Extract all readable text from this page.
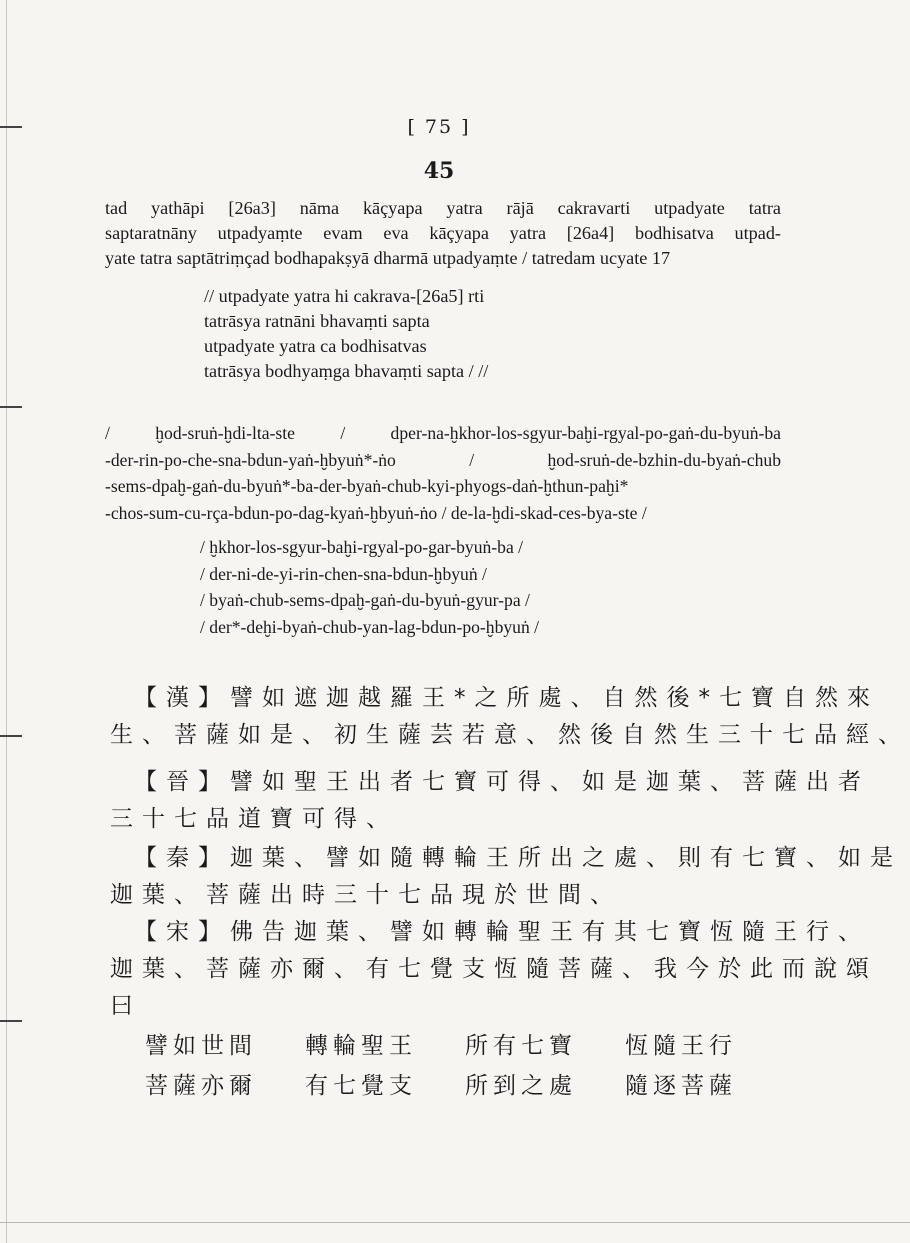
[ 75 ]
45
tad yathāpi [26a3] nāma kāçyapa yatra rājā cakravarti utpadyate tatra
saptaratnāny utpadyaṃte evam eva kāçyapa yatra [26a4] bodhisatva utpad-
yate tatra saptātriṃçad bodhapakṣyā dharmā utpadyaṃte / tatredam ucyate 17
// utpadyate yatra hi cakrava-[26a5] rti
tatrāsya ratnāni bhavaṃti sapta
utpadyate yatra ca bodhisatvas
tatrāsya bodhyaṃga bhavaṃti sapta / //
/ ḫod-sruṅ-ḫdi-lta-ste / dper-na-ḫkhor-los-sgyur-baḫi-rgyal-po-gaṅ-du-byuṅ-ba
-der-rin-po-che-sna-bdun-yaṅ-ḫbyuṅ*-ṅo / ḫod-sruṅ-de-bzhin-du-byaṅ-chub
-sems-dpaḫ-gaṅ-du-byuṅ*-ba-der-byaṅ-chub-kyi-phyogs-daṅ-ḫthun-paḫi*
-chos-sum-cu-rça-bdun-po-dag-kyaṅ-ḫbyuṅ-ṅo / de-la-ḫdi-skad-ces-bya-ste /
/ ḫkhor-los-sgyur-baḫi-rgyal-po-gar-byuṅ-ba /
/ der-ni-de-yi-rin-chen-sna-bdun-ḫbyuṅ /
/ byaṅ-chub-sems-dpaḫ-gaṅ-du-byuṅ-gyur-pa /
/ der*-deḫi-byaṅ-chub-yan-lag-bdun-po-ḫbyuṅ /
【漢】譬如遮迦越羅王*之所處、自然後*七寶自然來
生、菩薩如是、初生薩芸若意、然後自然生三十七品經、
【晉】譬如聖王出者七寶可得、如是迦葉、菩薩出者
三十七品道寶可得、
【秦】迦葉、譬如隨轉輪王所出之處、則有七寶、如是
迦葉、菩薩出時三十七品現於世間、
【宋】佛告迦葉、譬如轉輪聖王有其七寶恆隨王行、
迦葉、菩薩亦爾、有七覺支恆隨菩薩、我今於此而說頌
曰
譬如世間 轉輪聖王 所有七寶 恆隨王行
菩薩亦爾 有七覺支 所到之處 隨逐菩薩
